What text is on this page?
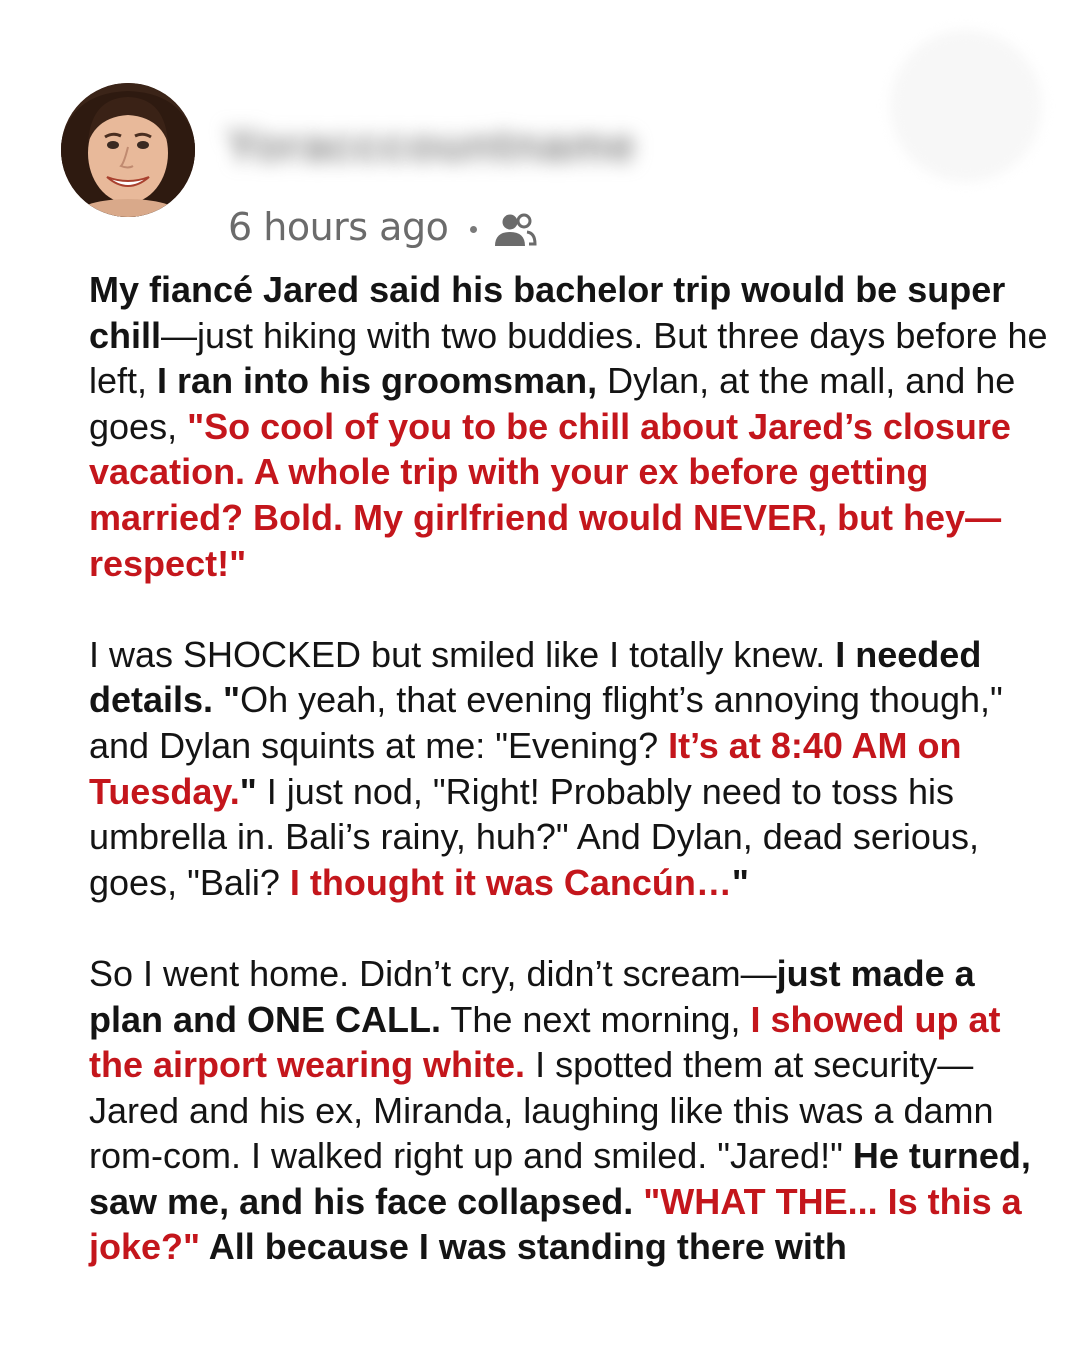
Yoracccountname
6 hours ago

My fiancé Jared said his bachelor trip would be super chill—just hiking with two buddies. But three days before he left, I ran into his groomsman, Dylan, at the mall, and he goes, "So cool of you to be chill about Jared’s closure vacation. A whole trip with your ex before getting married? Bold. My girlfriend would NEVER, but hey—respect!"

I was SHOCKED but smiled like I totally knew. I needed details. "Oh yeah, that evening flight’s annoying though," and Dylan squints at me: "Evening? It’s at 8:40 AM on Tuesday." I just nod, "Right! Probably need to toss his umbrella in. Bali’s rainy, huh?" And Dylan, dead serious, goes, "Bali? I thought it was Cancún…"

So I went home. Didn’t cry, didn’t scream—just made a plan and ONE CALL. The next morning, I showed up at the airport wearing white. I spotted them at security—Jared and his ex, Miranda, laughing like this was a damn rom-com. I walked right up and smiled. "Jared!" He turned, saw me, and his face collapsed. "WHAT THE... Is this a joke?" All because I was standing there with
